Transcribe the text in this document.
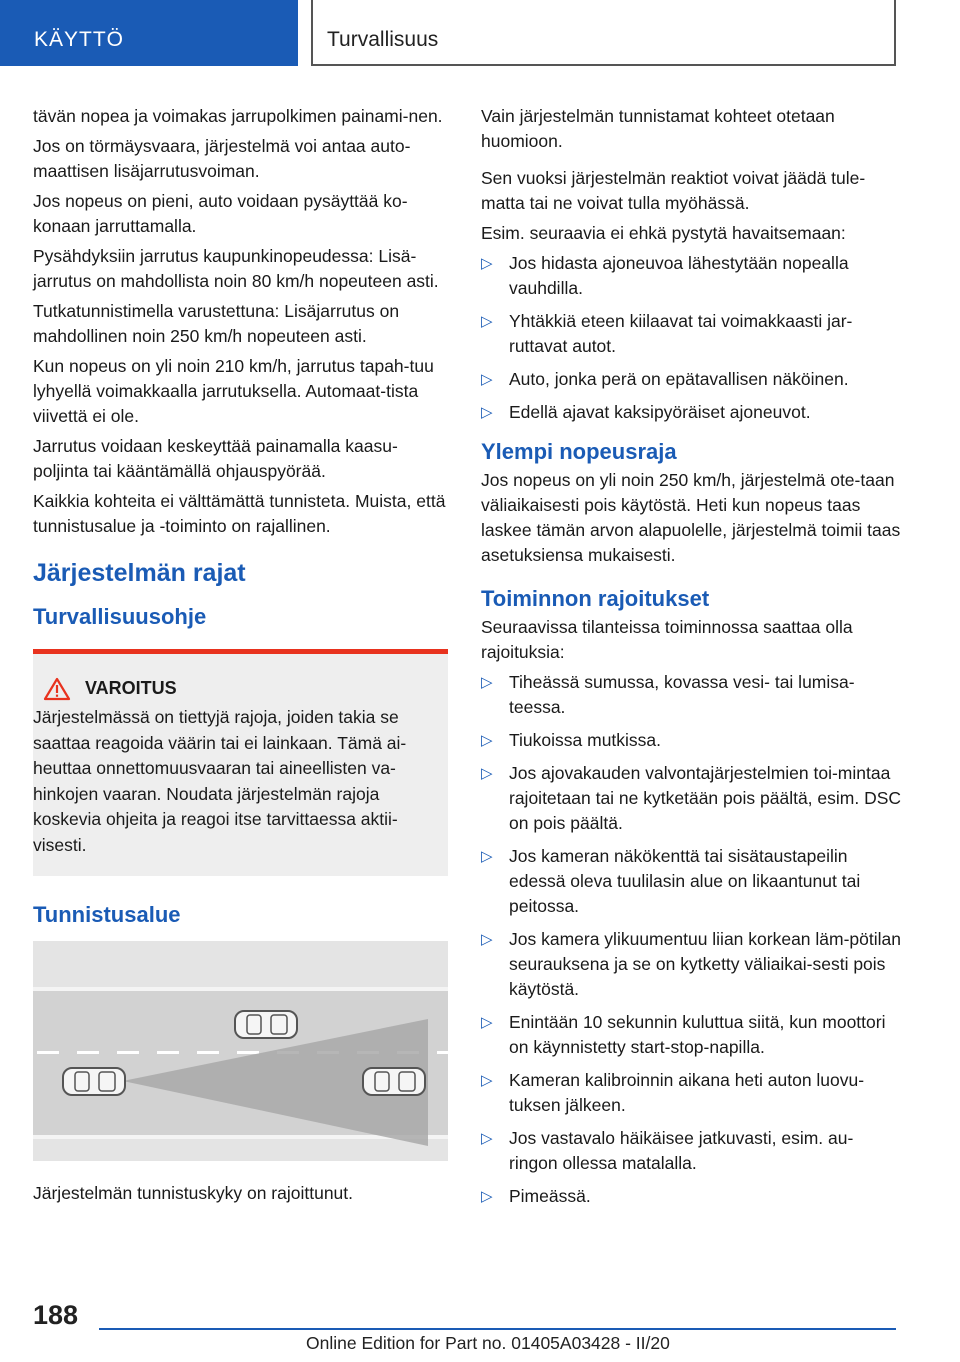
KÄYTTÖ	Turvallisuus

tävän nopea ja voimakas jarrupolkimen painami-nen.

Jos on törmäysvaara, järjestelmä voi antaa auto-maattisen lisäjarrutusvoiman.

Jos nopeus on pieni, auto voidaan pysäyttää ko-konaan jarruttamalla.

Pysähdyksiin jarrutus kaupunkinopeudessa: Lisä-jarrutus on mahdollista noin 80 km/h nopeuteen asti.

Tutkatunnistimella varustettuna: Lisäjarrutus on mahdollinen noin 250 km/h nopeuteen asti.

Kun nopeus on yli noin 210 km/h, jarrutus tapah-tuu lyhyellä voimakkaalla jarrutuksella. Automaat-tista viivettä ei ole.

Jarrutus voidaan keskeyttää painamalla kaasu-poljinta tai kääntämällä ohjauspyörää.

Kaikkia kohteita ei välttämättä tunnisteta. Muista, että tunnistusalue ja -toiminto on rajallinen.

Järjestelmän rajat
Turvallisuusohje
VAROITUS
Järjestelmässä on tiettyjä rajoja, joiden takia se saattaa reagoida väärin tai ei lainkaan. Tämä ai-heuttaa onnettomuusvaaran tai aineellisten va-hinkojen vaaran. Noudata järjestelmän rajoja koskevia ohjeita ja reagoi itse tarvittaessa aktii-visesti.
Tunnistusalue

Järjestelmän tunnistuskyky on rajoittunut.

Vain järjestelmän tunnistamat kohteet otetaan huomioon.

Sen vuoksi järjestelmän reaktiot voivat jäädä tule-matta tai ne voivat tulla myöhässä.

Esim. seuraavia ei ehkä pystytä havaitsemaan:

▷ Jos hidasta ajoneuvoa lähestytään nopealla vauhdilla.
▷ Yhtäkkiä eteen kiilaavat tai voimakkaasti jar-ruttavat autot.
▷ Auto, jonka perä on epätavallisen näköinen.
▷ Edellä ajavat kaksipyöräiset ajoneuvot.
Ylempi nopeusraja

Jos nopeus on yli noin 250 km/h, järjestelmä ote-taan väliaikaisesti pois käytöstä. Heti kun nopeus taas laskee tämän arvon alapuolelle, järjestelmä toimii taas asetuksiensa mukaisesti.

Toiminnon rajoitukset

Seuraavissa tilanteissa toiminnossa saattaa olla rajoituksia:

▷ Tiheässä sumussa, kovassa vesi- tai lumisa-teessa.
▷ Tiukoissa mutkissa.
▷ Jos ajovakauden valvontajärjestelmien toi-mintaa rajoitetaan tai ne kytketään pois päältä, esim. DSC on pois päältä.
▷ Jos kameran näkökenttä tai sisätaustapeilin edessä oleva tuulilasin alue on likaantunut tai peitossa.
▷ Jos kamera ylikuumentuu liian korkean läm-pötilan seurauksena ja se on kytketty väliaikai-sesti pois käytöstä.
▷ Enintään 10 sekunnin kuluttua siitä, kun moottori on käynnistetty start-stop-napilla.
▷ Kameran kalibroinnin aikana heti auton luovu-tuksen jälkeen.
▷ Jos vastavalo häikäisee jatkuvasti, esim. au-ringon ollessa matalalla.
▷ Pimeässä.
188
Online Edition for Part no. 01405A03428 - II/20
